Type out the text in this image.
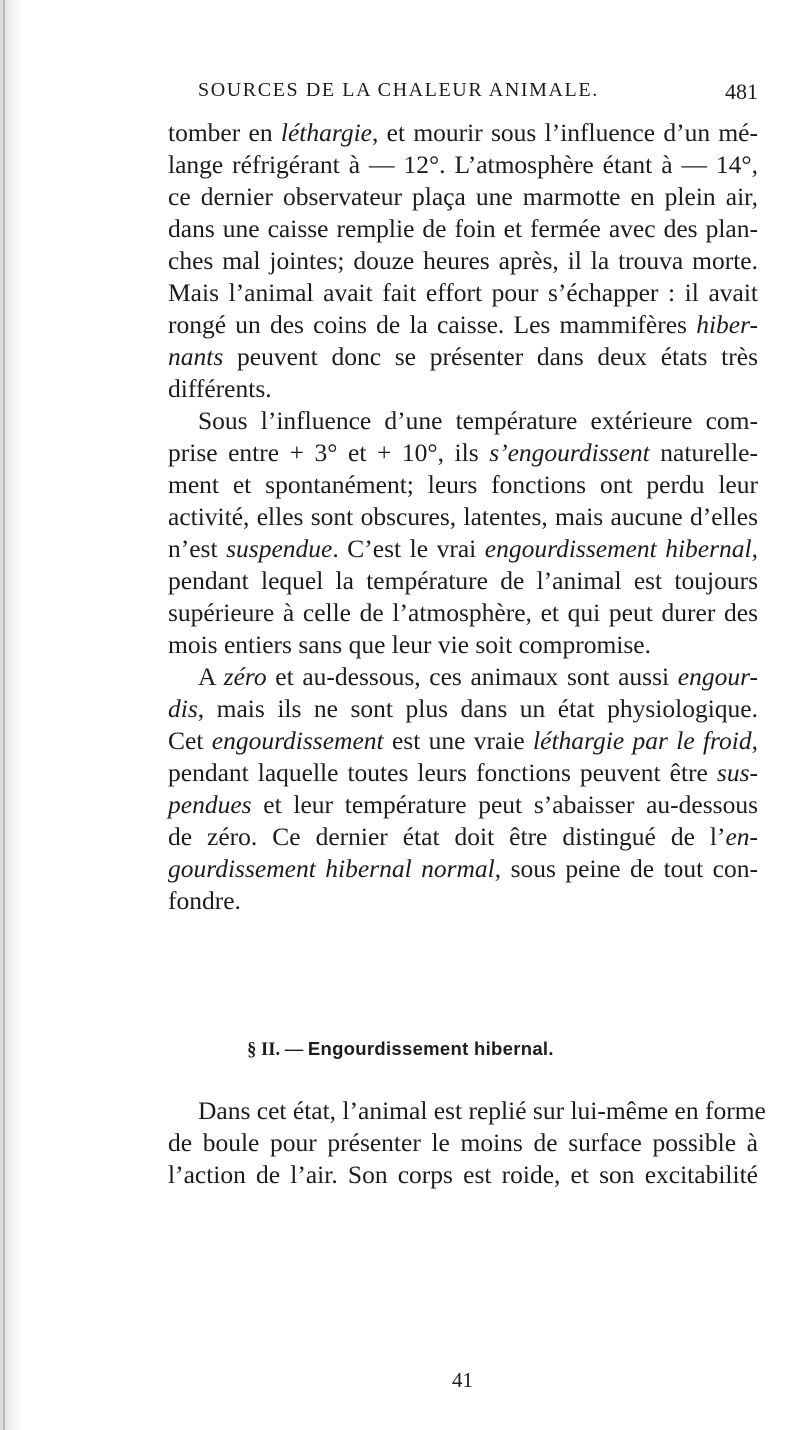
SOURCES DE LA CHALEUR ANIMALE.	481
tomber en léthargie, et mourir sous l’influence d’un mé-
lange réfrigérant à — 12°. L’atmosphère étant à — 14°,
ce dernier observateur plaça une marmotte en plein air,
dans une caisse remplie de foin et fermée avec des plan-
ches mal jointes; douze heures après, il la trouva morte.
Mais l’animal avait fait effort pour s’échapper : il avait
rongé un des coins de la caisse. Les mammifères hiber-
nants peuvent donc se présenter dans deux états très
différents.
Sous l’influence d’une température extérieure com-
prise entre + 3° et + 10°, ils s’engourdissent naturelle-
ment et spontanément; leurs fonctions ont perdu leur
activité, elles sont obscures, latentes, mais aucune d’elles
n’est suspendue. C’est le vrai engourdissement hibernal,
pendant lequel la température de l’animal est toujours
supérieure à celle de l’atmosphère, et qui peut durer des
mois entiers sans que leur vie soit compromise.
A zéro et au-dessous, ces animaux sont aussi engour-
dis, mais ils ne sont plus dans un état physiologique.
Cet engourdissement est une vraie léthargie par le froid,
pendant laquelle toutes leurs fonctions peuvent être sus-
pendues et leur température peut s’abaisser au-dessous
de zéro. Ce dernier état doit être distingué de l’en-
gourdissement hibernal normal, sous peine de tout con-
fondre.
Dans cet état, l’animal est replié sur lui-même en forme
de boule pour présenter le moins de surface possible à
l’action de l’air. Son corps est roide, et son excitabilité
§ II. — Engourdissement hibernal.
41
